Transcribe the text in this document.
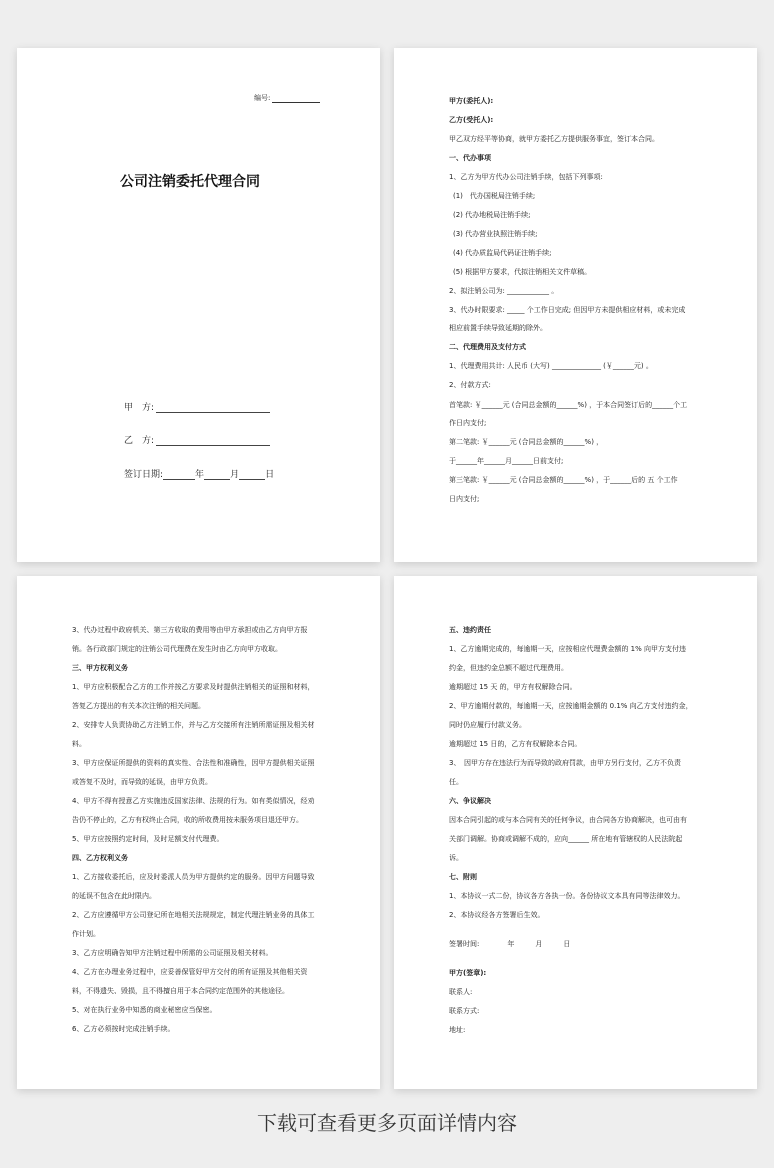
编号:
公司注销委托代理合同
甲　方:
乙　方:
签订日期:	年	月	日
甲方(委托人):
乙方(受托人):
甲乙双方经平等协商，就甲方委托乙方提供服务事宜，签订本合同。
一、代办事项
1、乙方为甲方代办公司注销手续，包括下列事项:
(1)　代办国税局注销手续;
(2) 代办地税局注销手续;
(3) 代办营业执照注销手续;
(4) 代办质监局代码证注销手续;
(5) 根据甲方要求，代拟注销相关文件草稿。
2、拟注销公司为: ____________ 。
3、代办时限要求: _____ 个工作日完成; 但因甲方未提供相应材料，或未完成
相应前置手续导致延期的除外。
二、代理费用及支付方式
1、代理费用共计: 人民币 (大写) ______________ (￥______元) 。
2、付款方式:
首笔款: ￥______元 (合同总金额的______%) ，于本合同签订后的______个工
作日内支付;
第二笔款: ￥______元 (合同总金额的______%) ，
于______年______月______日前支付;
第三笔款: ￥______元 (合同总金额的______%) ，于______后的 五 个工作
日内支付;
3、代办过程中政府机关、第三方收取的费用等由甲方承担或由乙方向甲方报
销。各行政部门规定的注销公司代理费在发生时由乙方向甲方收取。
三、甲方权利义务
1、甲方应积极配合乙方的工作并按乙方要求及时提供注销相关的证照和材料，
答复乙方提出的有关本次注销的相关问题。
2、安排专人负责协助乙方注销工作，并与乙方交接所有注销所需证照及相关材
料。
3、甲方应保证所提供的资料的真实性、合法性和准确性，因甲方提供相关证照
或答复不及时，而导致的延误，由甲方负责。
4、甲方不得有授意乙方实施违反国家法律、法规的行为。如有类似情况，经劝
告仍不停止的，乙方有权终止合同，收的所收费用按未服务项目退还甲方。
5、甲方应按照约定时间，及时足额支付代理费。
四、乙方权利义务
1、乙方接收委托后，应及时委派人员为甲方提供约定的服务。因甲方问题导致
的延误不包含在此时限内。
2、乙方应遵循甲方公司登记所在地相关法规规定，制定代理注销业务的具体工
作计划。
3、乙方应明确告知甲方注销过程中所需的公司证照及相关材料。
4、乙方在办理业务过程中，应妥善保管好甲方交付的所有证照及其他相关资
料，不得遗失、毁损，且不得擅自用于本合同约定范围外的其他途径。
5、对在执行业务中知悉的商业秘密应当保密。
6、乙方必须按时完成注销手续。
五、违约责任
1、乙方逾期完成的，每逾期一天，应按相应代理费金额的 1% 向甲方支付违
约金，但违约金总额不超过代理费用。
逾期超过 15 天 的，甲方有权解除合同。
2、甲方逾期付款的，每逾期一天，应按逾期金额的 0.1% 向乙方支付违约金，
同时仍应履行付款义务。
逾期超过 15 日的，乙方有权解除本合同。
3、　因甲方存在违法行为而导致的政府罚款，由甲方另行支付，乙方不负责
任。
六、争议解决
因本合同引起的或与本合同有关的任何争议，由合同各方协商解决，也可由有
关部门调解。协商或调解不成的，应向______ 所在地有管辖权的人民法院起
诉。
七、附则
1、本协议一式二份，协议各方各执一份。各份协议文本具有同等法律效力。
2、本协议经各方签署后生效。
签署时间:　　　　年　　　月　　　日
甲方(签章):
联系人:
联系方式:
地址:
下载可查看更多页面详情内容
